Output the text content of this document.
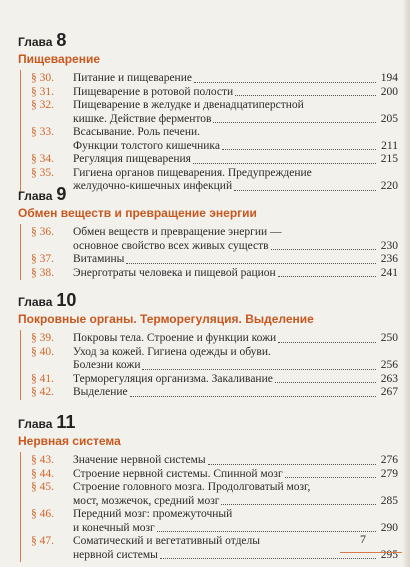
Глава 8
Пищеварение
§ 30.	Питание и пищеварение	194
§ 31.	Пищеварение в ротовой полости	200
§ 32.	Пищеварение в желудке и двенадцатиперстной
кишке. Действие ферментов	205
§ 33.	Всасывание. Роль печени.
Функции толстого кишечника	211
§ 34.	Регуляция пищеварения	215
§ 35.	Гигиена органов пищеварения. Предупреждение
желудочно-кишечных инфекций	220
Глава 9
Обмен веществ и превращение энергии
§ 36.	Обмен веществ и превращение энергии —
основное свойство всех живых существ	230
§ 37.	Витамины	236
§ 38.	Энерготраты человека и пищевой рацион	241
Глава 10
Покровные органы. Терморегуляция. Выделение
§ 39.	Покровы тела. Строение и функции кожи	250
§ 40.	Уход за кожей. Гигиена одежды и обуви.
Болезни кожи	256
§ 41.	Терморегуляция организма. Закаливание	263
§ 42.	Выделение	267
Глава 11
Нервная система
§ 43.	Значение нервной системы	276
§ 44.	Строение нервной системы. Спинной мозг	279
§ 45.	Строение головного мозга. Продолговатый мозг,
мост, мозжечок, средний мозг	285
§ 46.	Передний мозг: промежуточный
и конечный мозг	290
§ 47.	Соматический и вегетативный отделы
нервной системы	295
7
